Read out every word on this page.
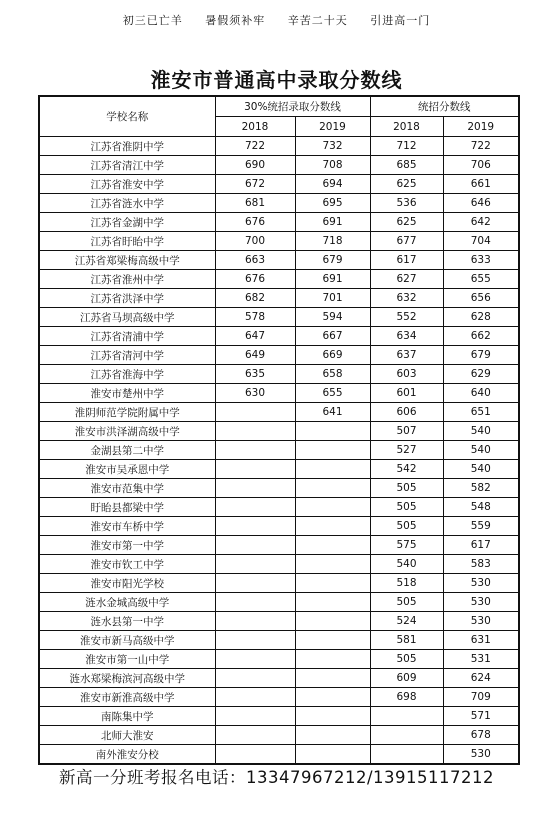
初三已亡羊 暑假须补牢 辛苦二十天 引进高一门
淮安市普通高中录取分数线
学校名称	30%统招录取分数线		统招分数线	
	2018	2019	2018	2019
江苏省淮阴中学	722	732	712	722
江苏省清江中学	690	708	685	706
江苏省淮安中学	672	694	625	661
江苏省涟水中学	681	695	536	646
江苏省金湖中学	676	691	625	642
江苏省盱眙中学	700	718	677	704
江苏省郑梁梅高级中学	663	679	617	633
江苏省淮州中学	676	691	627	655
江苏省洪泽中学	682	701	632	656
江苏省马坝高级中学	578	594	552	628
江苏省清浦中学	647	667	634	662
江苏省清河中学	649	669	637	679
江苏省淮海中学	635	658	603	629
淮安市楚州中学	630	655	601	640
淮阴师范学院附属中学		641	606	651
淮安市洪泽湖高级中学			507	540
金湖县第二中学			527	540
淮安市吴承恩中学			542	540
淮安市范集中学			505	582
盱眙县都梁中学			505	548
淮安市车桥中学			505	559
淮安市第一中学			575	617
淮安市钦工中学			540	583
淮安市阳光学校			518	530
涟水金城高级中学			505	530
涟水县第一中学			524	530
淮安市新马高级中学			581	631
淮安市第一山中学			505	531
涟水郑梁梅滨河高级中学			609	624
淮安市新淮高级中学			698	709
南陈集中学				571
北师大淮安				678
南外淮安分校				530
新高一分班考报名电话：13347967212/13915117212
